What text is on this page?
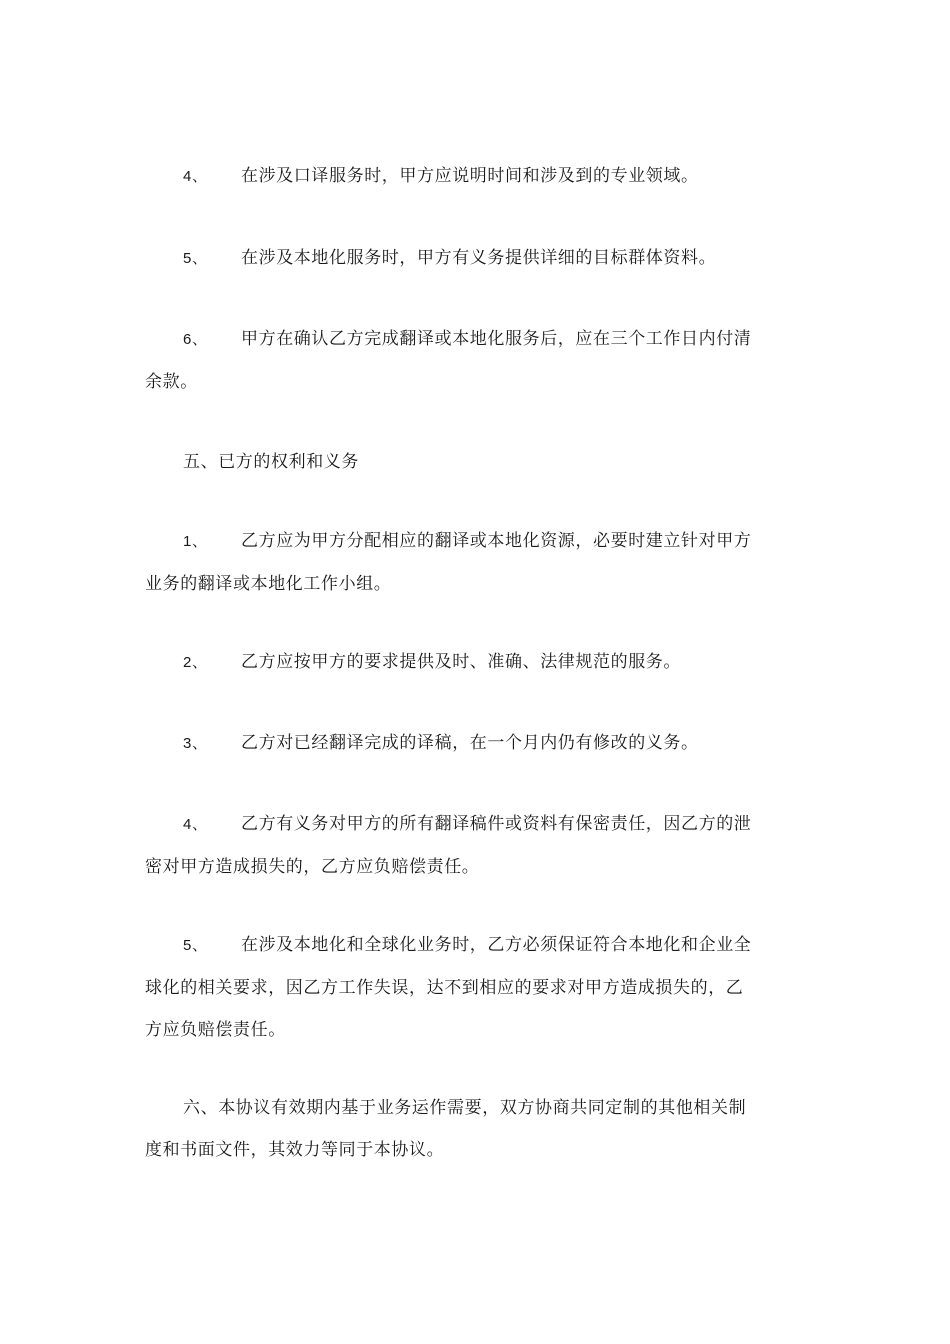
4、 在涉及口译服务时，甲方应说明时间和涉及到的专业领域。
5、 在涉及本地化服务时，甲方有义务提供详细的目标群体资料。
6、 甲方在确认乙方完成翻译或本地化服务后，应在三个工作日内付清
余款。
五、已方的权利和义务
1、 乙方应为甲方分配相应的翻译或本地化资源，必要时建立针对甲方
业务的翻译或本地化工作小组。
2、 乙方应按甲方的要求提供及时、准确、法律规范的服务。
3、 乙方对已经翻译完成的译稿，在一个月内仍有修改的义务。
4、 乙方有义务对甲方的所有翻译稿件或资料有保密责任，因乙方的泄
密对甲方造成损失的，乙方应负赔偿责任。
5、 在涉及本地化和全球化业务时，乙方必须保证符合本地化和企业全
球化的相关要求，因乙方工作失误，达不到相应的要求对甲方造成损失的，乙
方应负赔偿责任。
六、本协议有效期内基于业务运作需要，双方协商共同定制的其他相关制
度和书面文件，其效力等同于本协议。
